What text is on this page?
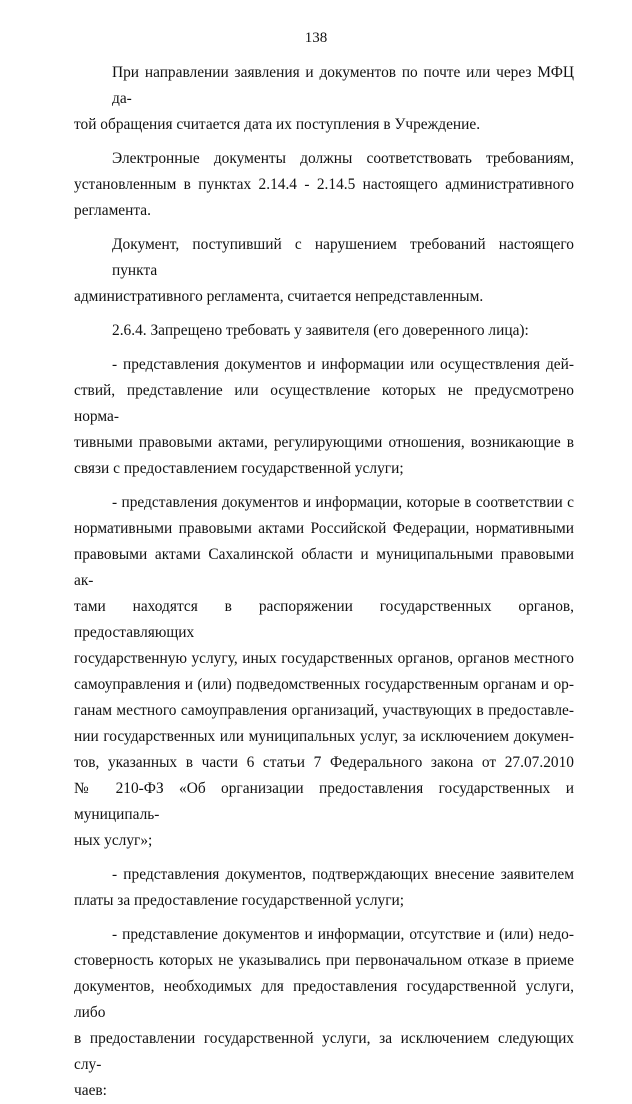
138
При направлении заявления и документов по почте или через МФЦ да-
той обращения считается дата их поступления в Учреждение.
Электронные документы должны соответствовать требованиям,
установленным в пунктах 2.14.4 - 2.14.5 настоящего административного
регламента.
Документ, поступивший с нарушением требований настоящего пункта
административного регламента, считается непредставленным.
2.6.4. Запрещено требовать у заявителя (его доверенного лица):
- представления документов и информации или осуществления дей-
ствий, представление или осуществление которых не предусмотрено норма-
тивными правовыми актами, регулирующими отношения, возникающие в
связи с предоставлением государственной услуги;
- представления документов и информации, которые в соответствии с
нормативными правовыми актами Российской Федерации, нормативными
правовыми актами Сахалинской области и муниципальными правовыми ак-
тами находятся в распоряжении государственных органов, предоставляющих
государственную услугу, иных государственных органов, органов местного
самоуправления и (или) подведомственных государственным органам и ор-
ганам местного самоуправления организаций, участвующих в предоставле-
нии государственных или муниципальных услуг, за исключением докумен-
тов, указанных в части 6 статьи 7 Федерального закона от 27.07.2010
№ 210-ФЗ «Об организации предоставления государственных и муниципаль-
ных услуг»;
- представления документов, подтверждающих внесение заявителем
платы за предоставление государственной услуги;
- представление документов и информации, отсутствие и (или) недо-
стоверность которых не указывались при первоначальном отказе в приеме
документов, необходимых для предоставления государственной услуги, либо
в предоставлении государственной услуги, за исключением следующих слу-
чаев:
